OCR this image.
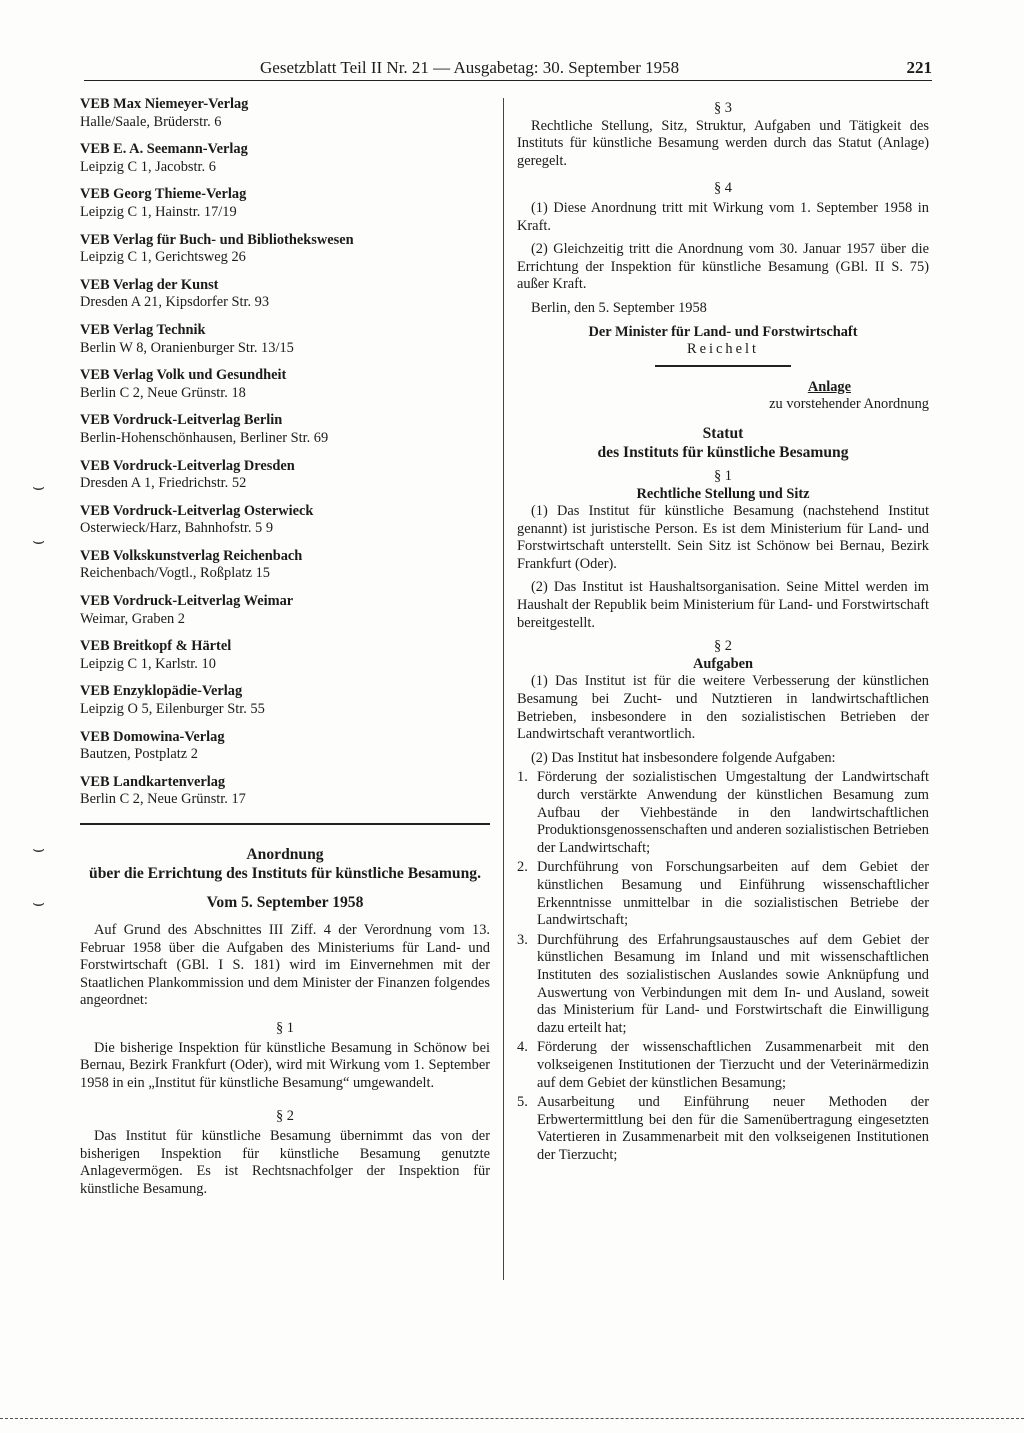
Gesetzblatt Teil II Nr. 21 — Ausgabetag: 30. September 1958	221
⌣
⌣
⌣
⌣
VEB Max Niemeyer-Verlag
Halle/Saale, Brüderstr. 6
VEB E. A. Seemann-Verlag
Leipzig C 1, Jacobstr. 6
VEB Georg Thieme-Verlag
Leipzig C 1, Hainstr. 17/19
VEB Verlag für Buch- und Bibliothekswesen
Leipzig C 1, Gerichtsweg 26
VEB Verlag der Kunst
Dresden A 21, Kipsdorfer Str. 93
VEB Verlag Technik
Berlin W 8, Oranienburger Str. 13/15
VEB Verlag Volk und Gesundheit
Berlin C 2, Neue Grünstr. 18
VEB Vordruck-Leitverlag Berlin
Berlin-Hohenschönhausen, Berliner Str. 69
VEB Vordruck-Leitverlag Dresden
Dresden A 1, Friedrichstr. 52
VEB Vordruck-Leitverlag Osterwieck
Osterwieck/Harz, Bahnhofstr. 5 9
VEB Volkskunstverlag Reichenbach
Reichenbach/Vogtl., Roßplatz 15
VEB Vordruck-Leitverlag Weimar
Weimar, Graben 2
VEB Breitkopf & Härtel
Leipzig C 1, Karlstr. 10
VEB Enzyklopädie-Verlag
Leipzig O 5, Eilenburger Str. 55
VEB Domowina-Verlag
Bautzen, Postplatz 2
VEB Landkartenverlag
Berlin C 2, Neue Grünstr. 17
Anordnung
über die Errichtung des Instituts für künstliche Besamung.
Vom 5. September 1958

Auf Grund des Abschnittes III Ziff. 4 der Verordnung vom 13. Februar 1958 über die Aufgaben des Ministeriums für Land- und Forstwirtschaft (GBl. I S. 181) wird im Einvernehmen mit der Staatlichen Plankommission und dem Minister der Finanzen folgendes angeordnet:

§ 1

Die bisherige Inspektion für künstliche Besamung in Schönow bei Bernau, Bezirk Frankfurt (Oder), wird mit Wirkung vom 1. September 1958 in ein „Institut für künstliche Besamung“ umgewandelt.

§ 2

Das Institut für künstliche Besamung übernimmt das von der bisherigen Inspektion für künstliche Besamung genutzte Anlagevermögen. Es ist Rechtsnachfolger der Inspektion für künstliche Besamung.

§ 3

Rechtliche Stellung, Sitz, Struktur, Aufgaben und Tätigkeit des Instituts für künstliche Besamung werden durch das Statut (Anlage) geregelt.

§ 4

(1) Diese Anordnung tritt mit Wirkung vom 1. September 1958 in Kraft.

(2) Gleichzeitig tritt die Anordnung vom 30. Januar 1957 über die Errichtung der Inspektion für künstliche Besamung (GBl. II S. 75) außer Kraft.

Berlin, den 5. September 1958

Der Minister für Land- und Forstwirtschaft
Reichelt
Anlage
zu vorstehender Anordnung
Statut
des Instituts für künstliche Besamung
§ 1
Rechtliche Stellung und Sitz

(1) Das Institut für künstliche Besamung (nachstehend Institut genannt) ist juristische Person. Es ist dem Ministerium für Land- und Forstwirtschaft unterstellt. Sein Sitz ist Schönow bei Bernau, Bezirk Frankfurt (Oder).

(2) Das Institut ist Haushaltsorganisation. Seine Mittel werden im Haushalt der Republik beim Ministerium für Land- und Forstwirtschaft bereitgestellt.

§ 2
Aufgaben

(1) Das Institut ist für die weitere Verbesserung der künstlichen Besamung bei Zucht- und Nutztieren in landwirtschaftlichen Betrieben, insbesondere in den sozialistischen Betrieben der Landwirtschaft verantwortlich.

(2) Das Institut hat insbesondere folgende Aufgaben:

1. Förderung der sozialistischen Umgestaltung der Landwirtschaft durch verstärkte Anwendung der künstlichen Besamung zum Aufbau der Viehbestände in den landwirtschaftlichen Produktionsgenossenschaften und anderen sozialistischen Betrieben der Landwirtschaft;
2. Durchführung von Forschungsarbeiten auf dem Gebiet der künstlichen Besamung und Einführung wissenschaftlicher Erkenntnisse unmittelbar in die sozialistischen Betriebe der Landwirtschaft;
3. Durchführung des Erfahrungsaustausches auf dem Gebiet der künstlichen Besamung im Inland und mit wissenschaftlichen Instituten des sozialistischen Auslandes sowie Anknüpfung und Auswertung von Verbindungen mit dem In- und Ausland, soweit das Ministerium für Land- und Forstwirtschaft die Einwilligung dazu erteilt hat;
4. Förderung der wissenschaftlichen Zusammenarbeit mit den volkseigenen Institutionen der Tierzucht und der Veterinärmedizin auf dem Gebiet der künstlichen Besamung;
5. Ausarbeitung und Einführung neuer Methoden der Erbwertermittlung bei den für die Samenübertragung eingesetzten Vatertieren in Zusammenarbeit mit den volkseigenen Institutionen der Tierzucht;
